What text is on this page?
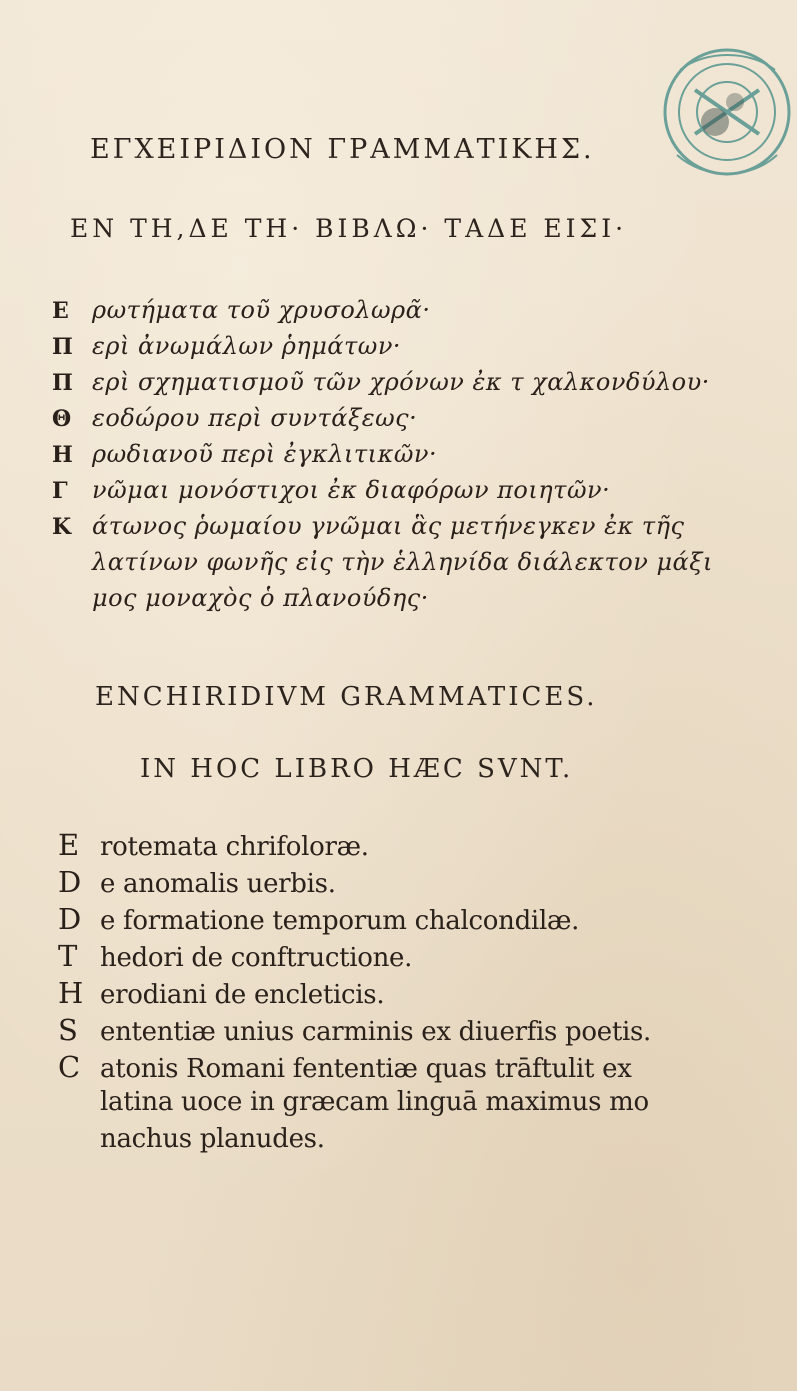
ΕΓΧΕΙΡΙΔΙΟΝ ΓΡΑΜΜΑΤΙΚΗΣ.
ΕΝ ΤΗ,ΔΕ ΤΗ· ΒΙΒΛΩ· ΤΑΔΕ ΕΙΣΙ·
Ε ρωτήματα τοῦ χρυσολωρᾶ·
Π ερὶ ἀνωμάλων ῥημάτων·
Π ερὶ σχηματισμοῦ τῶν χρόνων ἐκ τ χαλκονδύλου·
Θ εοδώρου περὶ συντάξεως·
Η ρωδιανοῦ περὶ ἐγκλιτικῶν·
Γ	νῶμαι μονόστιχοι ἐκ διαφόρων ποιητῶν·
Κ άτωνος ῥωμαίου γνῶμαι ἃς μετήνεγκεν ἐκ τῆς
λατίνων φωνῆς εἰς τὴν ἑλληνίδα διάλεκτον μάξι
μος μοναχὸς ὁ πλανούδης·
ENCHIRIDIVM GRAMMATICES.
IN HOC LIBRO HÆC SVNT.
E rotemata chrifoloræ.
D e anomalis uerbis.
D e formatione temporum chalcondilæ.
T hedori de conftructione.
H erodiani de encleticis.
S ententiæ unius carminis ex diuerfis poetis.
C atonis Romani fententiæ quas trāftulit ex
latina uoce in græcam linguā maximus mo
nachus planudes.
